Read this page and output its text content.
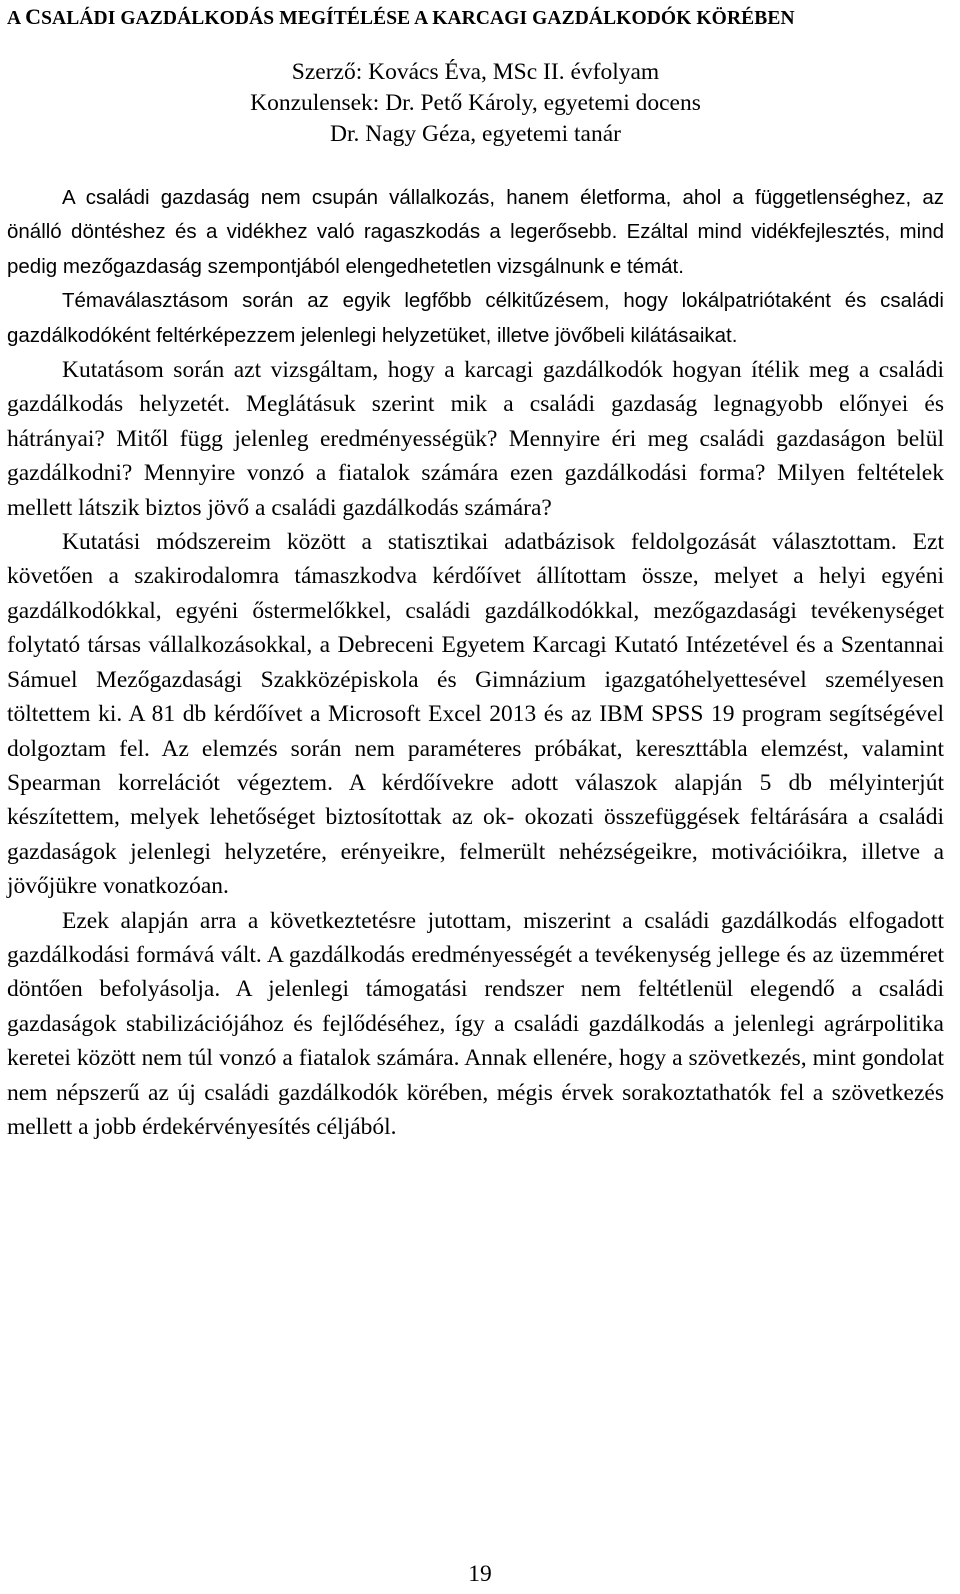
A CSALÁDI GAZDÁLKODÁS MEGÍTÉLÉSE A KARCAGI GAZDÁLKODÓK KÖRÉBEN
Szerző: Kovács Éva, MSc II. évfolyam
Konzulensek: Dr. Pető Károly, egyetemi docens
Dr. Nagy Géza, egyetemi tanár

A családi gazdaság nem csupán vállalkozás, hanem életforma, ahol a függetlenséghez, az önálló döntéshez és a vidékhez való ragaszkodás a legerősebb. Ezáltal mind vidékfejlesztés, mind pedig mezőgazdaság szempontjából elengedhetetlen vizsgálnunk e témát.

Témaválasztásom során az egyik legfőbb célkitűzésem, hogy lokálpatriótaként és családi gazdálkodóként feltérképezzem jelenlegi helyzetüket, illetve jövőbeli kilátásaikat.

Kutatásom során azt vizsgáltam, hogy a karcagi gazdálkodók hogyan ítélik meg a családi gazdálkodás helyzetét. Meglátásuk szerint mik a családi gazdaság legnagyobb előnyei és hátrányai? Mitől függ jelenleg eredményességük? Mennyire éri meg családi gazdaságon belül gazdálkodni? Mennyire vonzó a fiatalok számára ezen gazdálkodási forma? Milyen feltételek mellett látszik biztos jövő a családi gazdálkodás számára?

Kutatási módszereim között a statisztikai adatbázisok feldolgozását választottam. Ezt követően a szakirodalomra támaszkodva kérdőívet állítottam össze, melyet a helyi egyéni gazdálkodókkal, egyéni őstermelőkkel, családi gazdálkodókkal, mezőgazdasági tevékenységet folytató társas vállalkozásokkal, a Debreceni Egyetem Karcagi Kutató Intézetével és a Szentannai Sámuel Mezőgazdasági Szakközépiskola és Gimnázium igazgatóhelyettesével személyesen töltettem ki. A 81 db kérdőívet a Microsoft Excel 2013 és az IBM SPSS 19 program segítségével dolgoztam fel. Az elemzés során nem paraméteres próbákat, kereszttábla elemzést, valamint Spearman korrelációt végeztem. A kérdőívekre adott válaszok alapján 5 db mélyinterjút készítettem, melyek lehetőséget biztosítottak az ok- okozati összefüggések feltárására a családi gazdaságok jelenlegi helyzetére, erényeikre, felmerült nehézségeikre, motivációikra, illetve a jövőjükre vonatkozóan.

Ezek alapján arra a következtetésre jutottam, miszerint a családi gazdálkodás elfogadott gazdálkodási formává vált. A gazdálkodás eredményességét a tevékenység jellege és az üzemméret döntően befolyásolja. A jelenlegi támogatási rendszer nem feltétlenül elegendő a családi gazdaságok stabilizációjához és fejlődéséhez, így a családi gazdálkodás a jelenlegi agrárpolitika keretei között nem túl vonzó a fiatalok számára. Annak ellenére, hogy a szövetkezés, mint gondolat nem népszerű az új családi gazdálkodók körében, mégis érvek sorakoztathatók fel a szövetkezés mellett a jobb érdekérvényesítés céljából.

19
